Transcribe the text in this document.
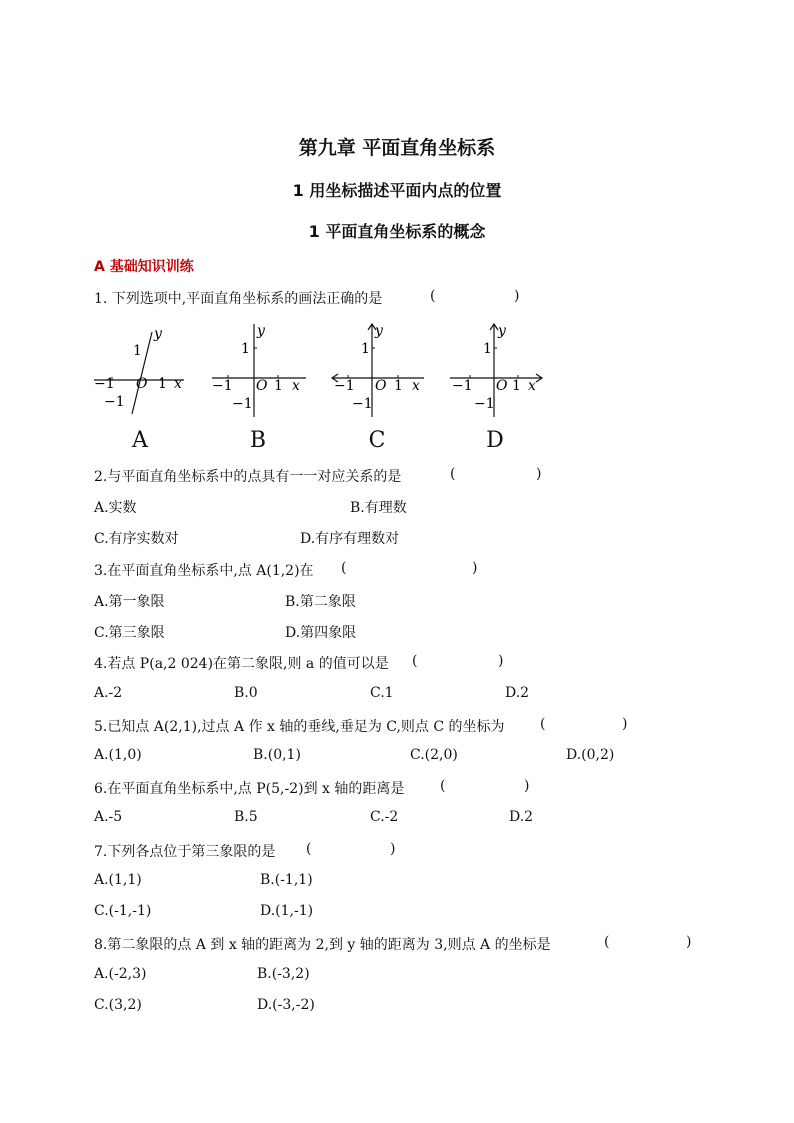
第九章 平面直角坐标系
1 用坐标描述平面内点的位置
1 平面直角坐标系的概念
A 基础知识训练
1. 下列选项中,平面直角坐标系的画法正确的是	(	)
y
1
−1 O 1 x
−1
A
y
1
−1 O 1 x
−1
B
y
1
−1 O 1 x
−1
C
y
1
−1 O 1 x
−1
D
2.与平面直角坐标系中的点具有一一对应关系的是	(	)
A.实数	B.有理数
C.有序实数对	D.有序有理数对
3.在平面直角坐标系中,点 A(1,2)在 (	)
A.第一象限	B.第二象限
C.第三象限	D.第四象限
4.若点 P(a,2 024)在第二象限,则 a 的值可以是 (	)
A.-2	B.0	C.1	D.2
5.已知点 A(2,1),过点 A 作 x 轴的垂线,垂足为 C,则点 C 的坐标为	(	)
A.(1,0)	B.(0,1)	C.(2,0)	D.(0,2)
6.在平面直角坐标系中,点 P(5,-2)到 x 轴的距离是	(	)
A.-5	B.5	C.-2	D.2
7.下列各点位于第三象限的是 (	)
A.(1,1)	B.(-1,1)
C.(-1,-1)	D.(1,-1)
8.第二象限的点 A 到 x 轴的距离为 2,到 y 轴的距离为 3,则点 A 的坐标是	(	)
A.(-2,3)	B.(-3,2)
C.(3,2)	D.(-3,-2)
